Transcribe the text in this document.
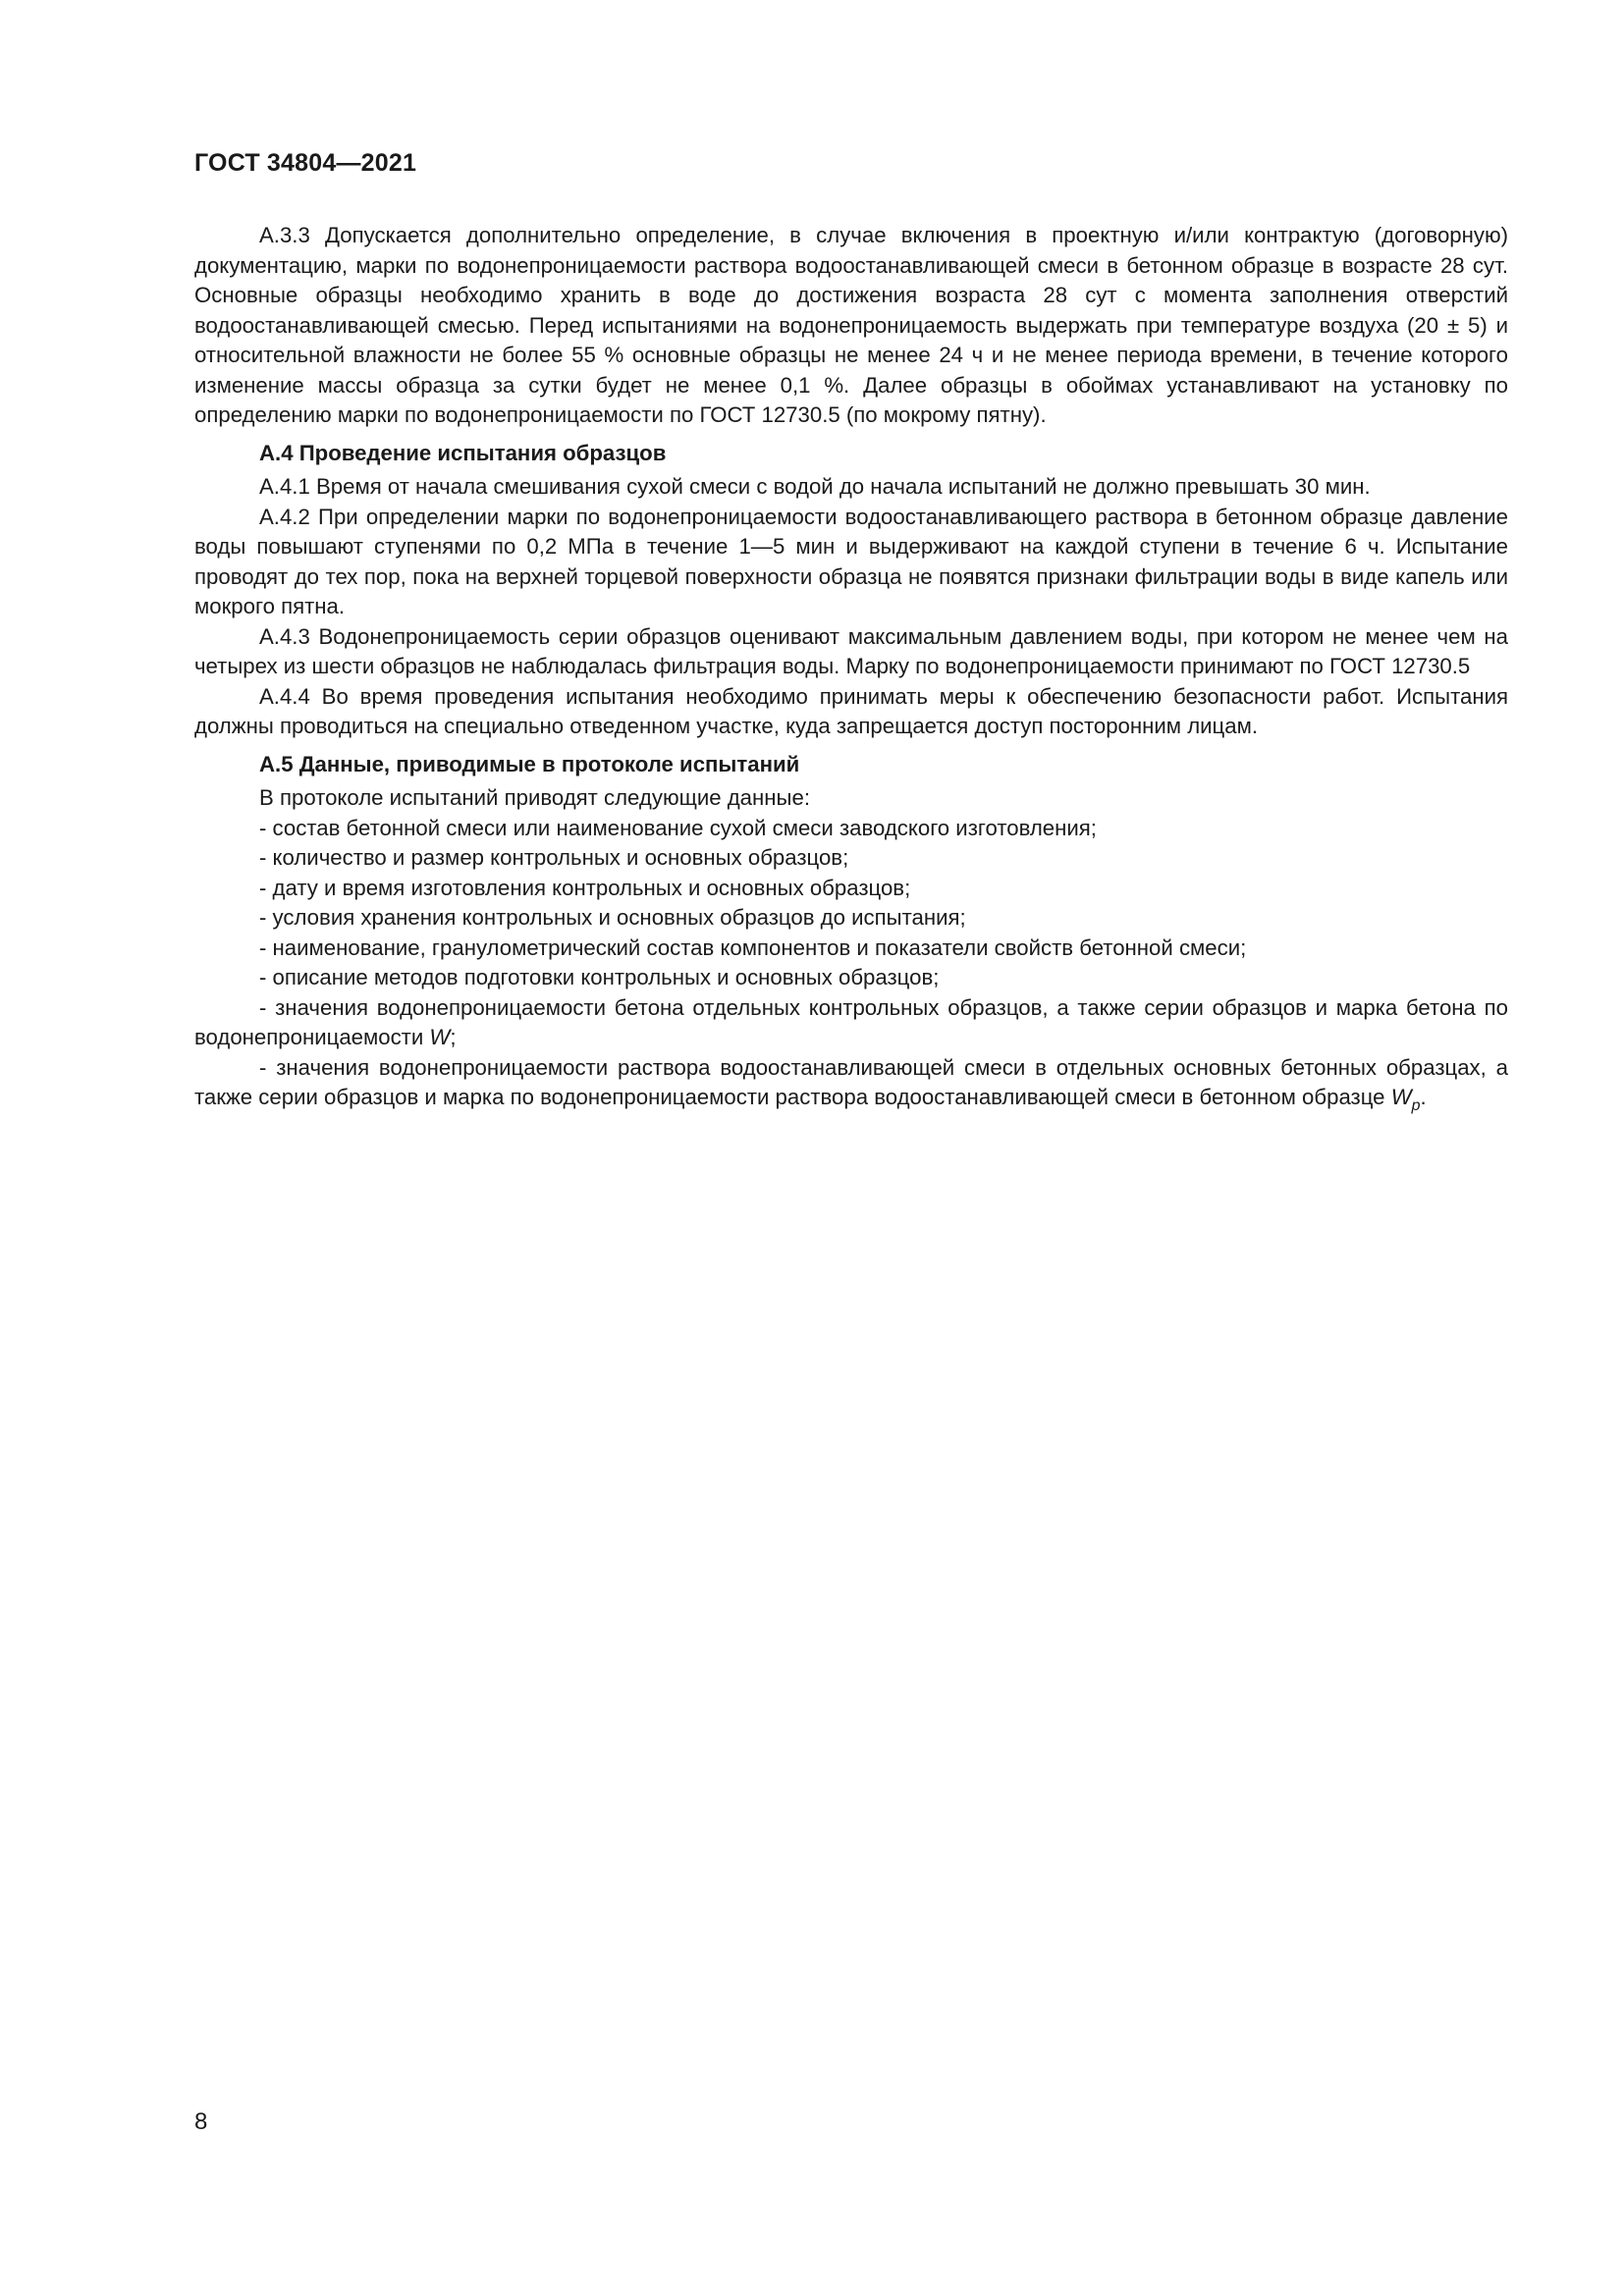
ГОСТ 34804—2021

А.3.3 Допускается дополнительно определение, в случае включения в проектную и/или контрактую (договорную) документацию, марки по водонепроницаемости раствора водоостанавливающей смеси в бетонном образце в возрасте 28 сут. Основные образцы необходимо хранить в воде до достижения возраста 28 сут с момента заполнения отверстий водоостанавливающей смесью. Перед испытаниями на водонепроницаемость выдержать при температуре воздуха (20 ± 5) и относительной влажности не более 55 % основные образцы не менее 24 ч и не менее периода времени, в течение которого изменение массы образца за сутки будет не менее 0,1 %. Далее образцы в обоймах устанавливают на установку по определению марки по водонепроницаемости по ГОСТ 12730.5 (по мокрому пятну).

А.4 Проведение испытания образцов

А.4.1 Время от начала смешивания сухой смеси с водой до начала испытаний не должно превышать 30 мин.

А.4.2 При определении марки по водонепроницаемости водоостанавливающего раствора в бетонном образце давление воды повышают ступенями по 0,2 МПа в течение 1—5 мин и выдерживают на каждой ступени в течение 6 ч. Испытание проводят до тех пор, пока на верхней торцевой поверхности образца не появятся признаки фильтрации воды в виде капель или мокрого пятна.

А.4.3 Водонепроницаемость серии образцов оценивают максимальным давлением воды, при котором не менее чем на четырех из шести образцов не наблюдалась фильтрация воды. Марку по водонепроницаемости принимают по ГОСТ 12730.5

А.4.4 Во время проведения испытания необходимо принимать меры к обеспечению безопасности работ. Испытания должны проводиться на специально отведенном участке, куда запрещается доступ посторонним лицам.

А.5 Данные, приводимые в протоколе испытаний

В протоколе испытаний приводят следующие данные:

- состав бетонной смеси или наименование сухой смеси заводского изготовления;

- количество и размер контрольных и основных образцов;

- дату и время изготовления контрольных и основных образцов;

- условия хранения контрольных и основных образцов до испытания;

- наименование, гранулометрический состав компонентов и показатели свойств бетонной смеси;

- описание методов подготовки контрольных и основных образцов;

- значения водонепроницаемости бетона отдельных контрольных образцов, а также серии образцов и марка бетона по водонепроницаемости W;

- значения водонепроницаемости раствора водоостанавливающей смеси в отдельных основных бетонных образцах, а также серии образцов и марка по водонепроницаемости раствора водоостанавливающей смеси в бетонном образце $W_р$.

8
